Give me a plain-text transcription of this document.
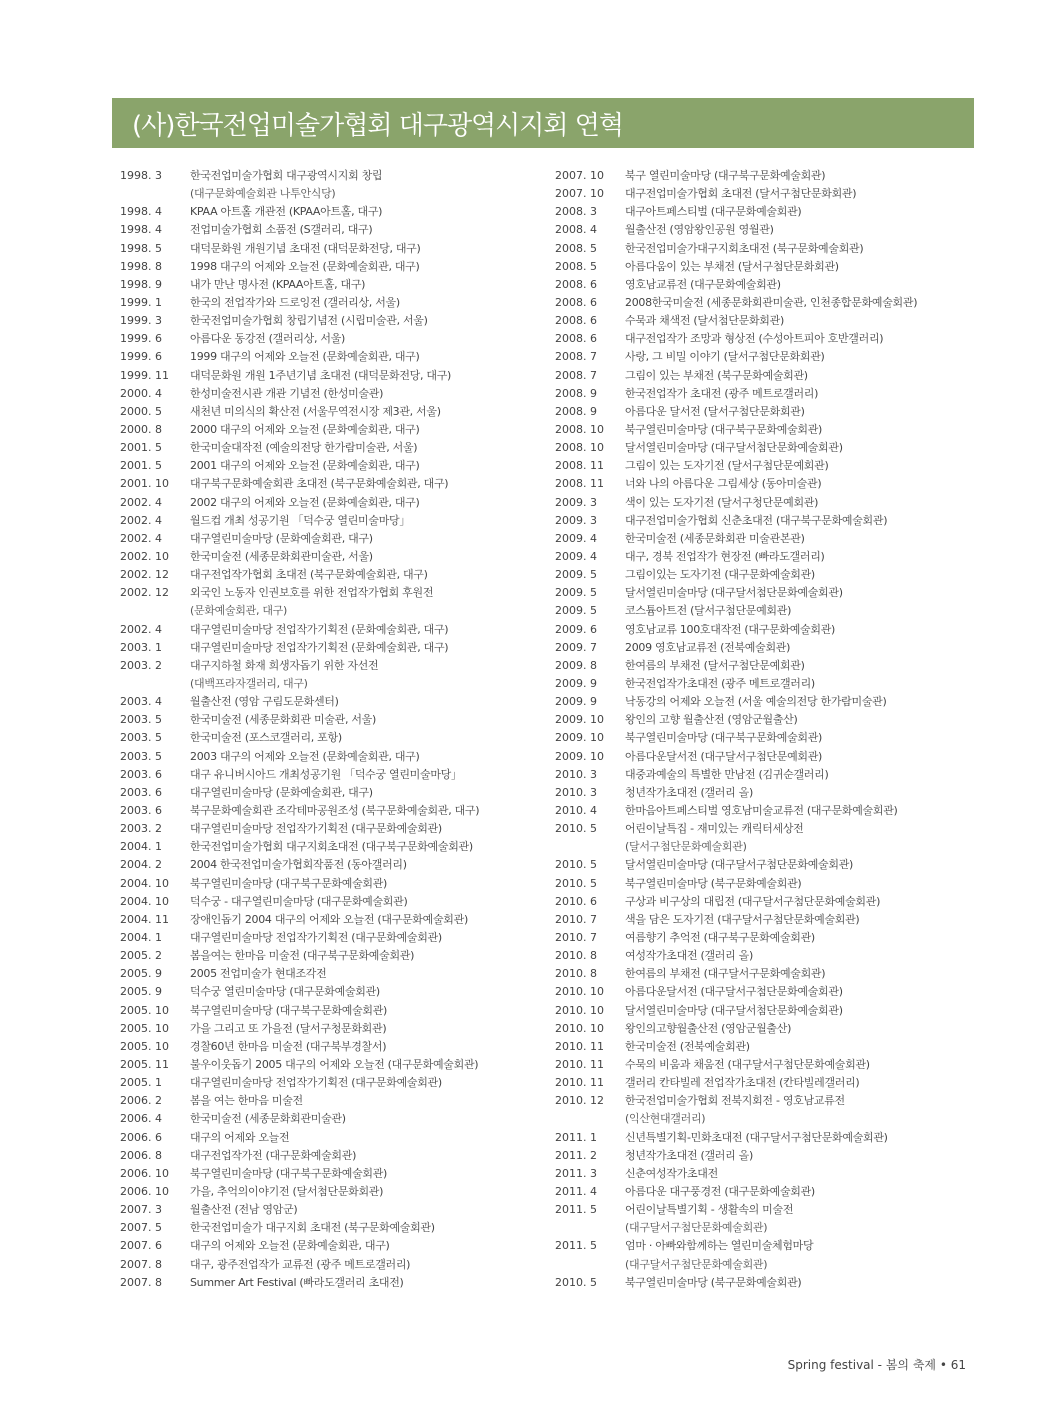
(사)한국전업미술가협회 대구광역시지회 연혁
1998. 3	한국전업미술가협회 대구광역시지회 창립
(대구문화예술회관 나투안식당)
1998. 4	KPAA 아트홀 개관전 (KPAA아트홀, 대구)
1998. 4	전업미술가협회 소품전 (S갤러리, 대구)
1998. 5	대덕문화원 개원기념 초대전 (대덕문화전당, 대구)
1998. 8	1998 대구의 어제와 오늘전 (문화예술회관, 대구)
1998. 9	내가 만난 명사전 (KPAA아트홀, 대구)
1999. 1	한국의 전업작가와 드로잉전 (갤러리상, 서울)
1999. 3	한국전업미술가협회 창립기념전 (시립미술관, 서울)
1999. 6	아름다운 동강전 (갤러리상, 서울)
1999. 6	1999 대구의 어제와 오늘전 (문화예술회관, 대구)
1999. 11	대덕문화원 개원 1주년기념 초대전 (대덕문화전당, 대구)
2000. 4	한성미술전시관 개관 기념전 (한성미술관)
2000. 5	새천년 미의식의 확산전 (서울무역전시장 제3관, 서울)
2000. 8	2000 대구의 어제와 오늘전 (문화예술회관, 대구)
2001. 5	한국미술대작전 (예술의전당 한가람미술관, 서울)
2001. 5	2001 대구의 어제와 오늘전 (문화예술회관, 대구)
2001. 10	대구북구문화예술회관 초대전 (북구문화예술회관, 대구)
2002. 4	2002 대구의 어제와 오늘전 (문화예술회관, 대구)
2002. 4	월드컵 개최 성공기원 「덕수궁 열린미술마당」
2002. 4	대구열린미술마당 (문화예술회관, 대구)
2002. 10	한국미술전 (세종문화회관미술관, 서울)
2002. 12	대구전업작가협회 초대전 (북구문화예술회관, 대구)
2002. 12	외국인 노동자 인권보호를 위한 전업작가협회 후원전
(문화예술회관, 대구)
2002. 4	대구열린미술마당 전업작가기획전 (문화예술회관, 대구)
2003. 1	대구열린미술마당 전업작가기획전 (문화예술회관, 대구)
2003. 2	대구지하철 화재 희생자돕기 위한 자선전
(대백프라자갤러리, 대구)
2003. 4	월출산전 (영암 구림도문화센터)
2003. 5	한국미술전 (세종문화회관 미술관, 서울)
2003. 5	한국미술전 (포스코갤러리, 포항)
2003. 5	2003 대구의 어제와 오늘전 (문화예술회관, 대구)
2003. 6	대구 유니버시아드 개최성공기원 「덕수궁 열린미술마당」
2003. 6	대구열린미술마당 (문화예술회관, 대구)
2003. 6	북구문화예술회관 조각테마공원조성 (북구문화예술회관, 대구)
2003. 2	대구열린미술마당 전업작가기획전 (대구문화예술회관)
2004. 1	한국전업미술가협회 대구지회초대전 (대구북구문화예술회관)
2004. 2	2004 한국전업미술가협회작품전 (동아갤러리)
2004. 10	북구열린미술마당 (대구북구문화예술회관)
2004. 10	덕수궁 - 대구열린미술마당 (대구문화예술회관)
2004. 11	장애인돕기 2004 대구의 어제와 오늘전 (대구문화예술회관)
2004. 1	대구열린미술마당 전업작가기획전 (대구문화예술회관)
2005. 2	봄을여는 한마음 미술전 (대구북구문화예술회관)
2005. 9	2005 전업미술가 현대조각전
2005. 9	덕수궁 열린미술마당 (대구문화예술회관)
2005. 10	북구열린미술마당 (대구북구문화예술회관)
2005. 10	가을 그리고 또 가을전 (달서구청문화회관)
2005. 10	경찰60년 한마음 미술전 (대구북부경찰서)
2005. 11	불우이웃돕기 2005 대구의 어제와 오늘전 (대구문화예술회관)
2005. 1	대구열린미술마당 전업작가기획전 (대구문화예술회관)
2006. 2	봄을 여는 한마음 미술전
2006. 4	한국미술전 (세종문화회관미술관)
2006. 6	대구의 어제와 오늘전
2006. 8	대구전업작가전 (대구문화예술회관)
2006. 10	북구열린미술마당 (대구북구문화예술회관)
2006. 10	가을, 추억의이야기전 (달서첨단문화회관)
2007. 3	월출산전 (전남 영암군)
2007. 5	한국전업미술가 대구지회 초대전 (북구문화예술회관)
2007. 6	대구의 어제와 오늘전 (문화예술회관, 대구)
2007. 8	대구, 광주전업작가 교류전 (광주 메트로갤러리)
2007. 8	Summer Art Festival (빠라도갤러리 초대전)
2007. 10	북구 열린미술마당 (대구북구문화예술회관)
2007. 10	대구전업미술가협회 초대전 (달서구첨단문화회관)
2008. 3	대구아트페스티벌 (대구문화예술회관)
2008. 4	월출산전 (영암왕인공원 영월관)
2008. 5	한국전업미술가대구지회초대전 (북구문화예술회관)
2008. 5	아름다움이 있는 부채전 (달서구첨단문화회관)
2008. 6	영호남교류전 (대구문화예술회관)
2008. 6	2008한국미술전 (세종문화회관미술관, 인천종합문화예술회관)
2008. 6	수묵과 채색전 (달서첨단문화회관)
2008. 6	대구전업작가 조망과 형상전 (수성아트피아 호반갤러리)
2008. 7	사랑, 그 비밀 이야기 (달서구첨단문화회관)
2008. 7	그림이 있는 부채전 (북구문화예술회관)
2008. 9	한국전업작가 초대전 (광주 메트로갤러리)
2008. 9	아름다운 달서전 (달서구첨단문화회관)
2008. 10	북구열린미술마당 (대구북구문화예술회관)
2008. 10	달서열린미술마당 (대구달서첨단문화예술회관)
2008. 11	그림이 있는 도자기전 (달서구첨단문예회관)
2008. 11	너와 나의 아름다운 그림세상 (동아미술관)
2009. 3	색이 있는 도자기전 (달서구청단문예회관)
2009. 3	대구전업미술가협회 신춘초대전 (대구북구문화예술회관)
2009. 4	한국미술전 (세종문화회관 미술관본관)
2009. 4	대구, 경북 전업작가 현장전 (빠라도갤러리)
2009. 5	그림이있는 도자기전 (대구문화예술회관)
2009. 5	달서열린미술마당 (대구달서첨단문화예술회관)
2009. 5	코스튬아트전 (달서구첨단문예회관)
2009. 6	영호남교류 100호대작전 (대구문화예술회관)
2009. 7	2009 영호남교류전 (전북예술회관)
2009. 8	한여름의 부채전 (달서구첨단문예회관)
2009. 9	한국전업작가초대전 (광주 메트로갤러리)
2009. 9	낙동강의 어제와 오늘전 (서울 예술의전당 한가람미술관)
2009. 10	왕인의 고향 월출산전 (영암군월출산)
2009. 10	북구열린미술마당 (대구북구문화예술회관)
2009. 10	아름다운달서전 (대구달서구첨단문예회관)
2010. 3	대중과예술의 특별한 만남전 (김귀순갤러리)
2010. 3	청년작가초대전 (갤러리 올)
2010. 4	한마음아트페스티벌 영호남미술교류전 (대구문화예술회관)
2010. 5	어린이날특집 - 재미있는 캐릭터세상전
(달서구첨단문화예술회관)
2010. 5	달서열린미술마당 (대구달서구첨단문화예술회관)
2010. 5	북구열린미술마당 (북구문화예술회관)
2010. 6	구상과 비구상의 대립전 (대구달서구첨단문화예술회관)
2010. 7	색을 담은 도자기전 (대구달서구첨단문화예술회관)
2010. 7	여름향기 추억전 (대구북구문화예술회관)
2010. 8	여성작가초대전 (갤러리 올)
2010. 8	한여름의 부채전 (대구달서구문화예술회관)
2010. 10	아름다운달서전 (대구달서구첨단문화예술회관)
2010. 10	달서열린미술마당 (대구달서첨단문화예술회관)
2010. 10	왕인의고향월출산전 (영암군월출산)
2010. 11	한국미술전 (전북예술회관)
2010. 11	수묵의 비움과 채움전 (대구달서구첨단문화예술회관)
2010. 11	갤러리 칸타빌레 전업작가초대전 (칸타빌레갤러리)
2010. 12	한국전업미술가협회 전북지회전 - 영호남교류전
(익산현대갤러리)
2011. 1	신년특별기획-민화초대전 (대구달서구첨단문화예술회관)
2011. 2	청년작가초대전 (갤러리 올)
2011. 3	신춘여성작가초대전
2011. 4	아름다운 대구풍경전 (대구문화예술회관)
2011. 5	어린이날특별기획 - 생활속의 미술전
(대구달서구첨단문화예술회관)
2011. 5	엄마 · 아빠와함께하는 열린미술체험마당
(대구달서구첨단문화예술회관)
2010. 5	북구열린미술마당 (북구문화예술회관)
Spring festival - 봄의 축제 • 61
